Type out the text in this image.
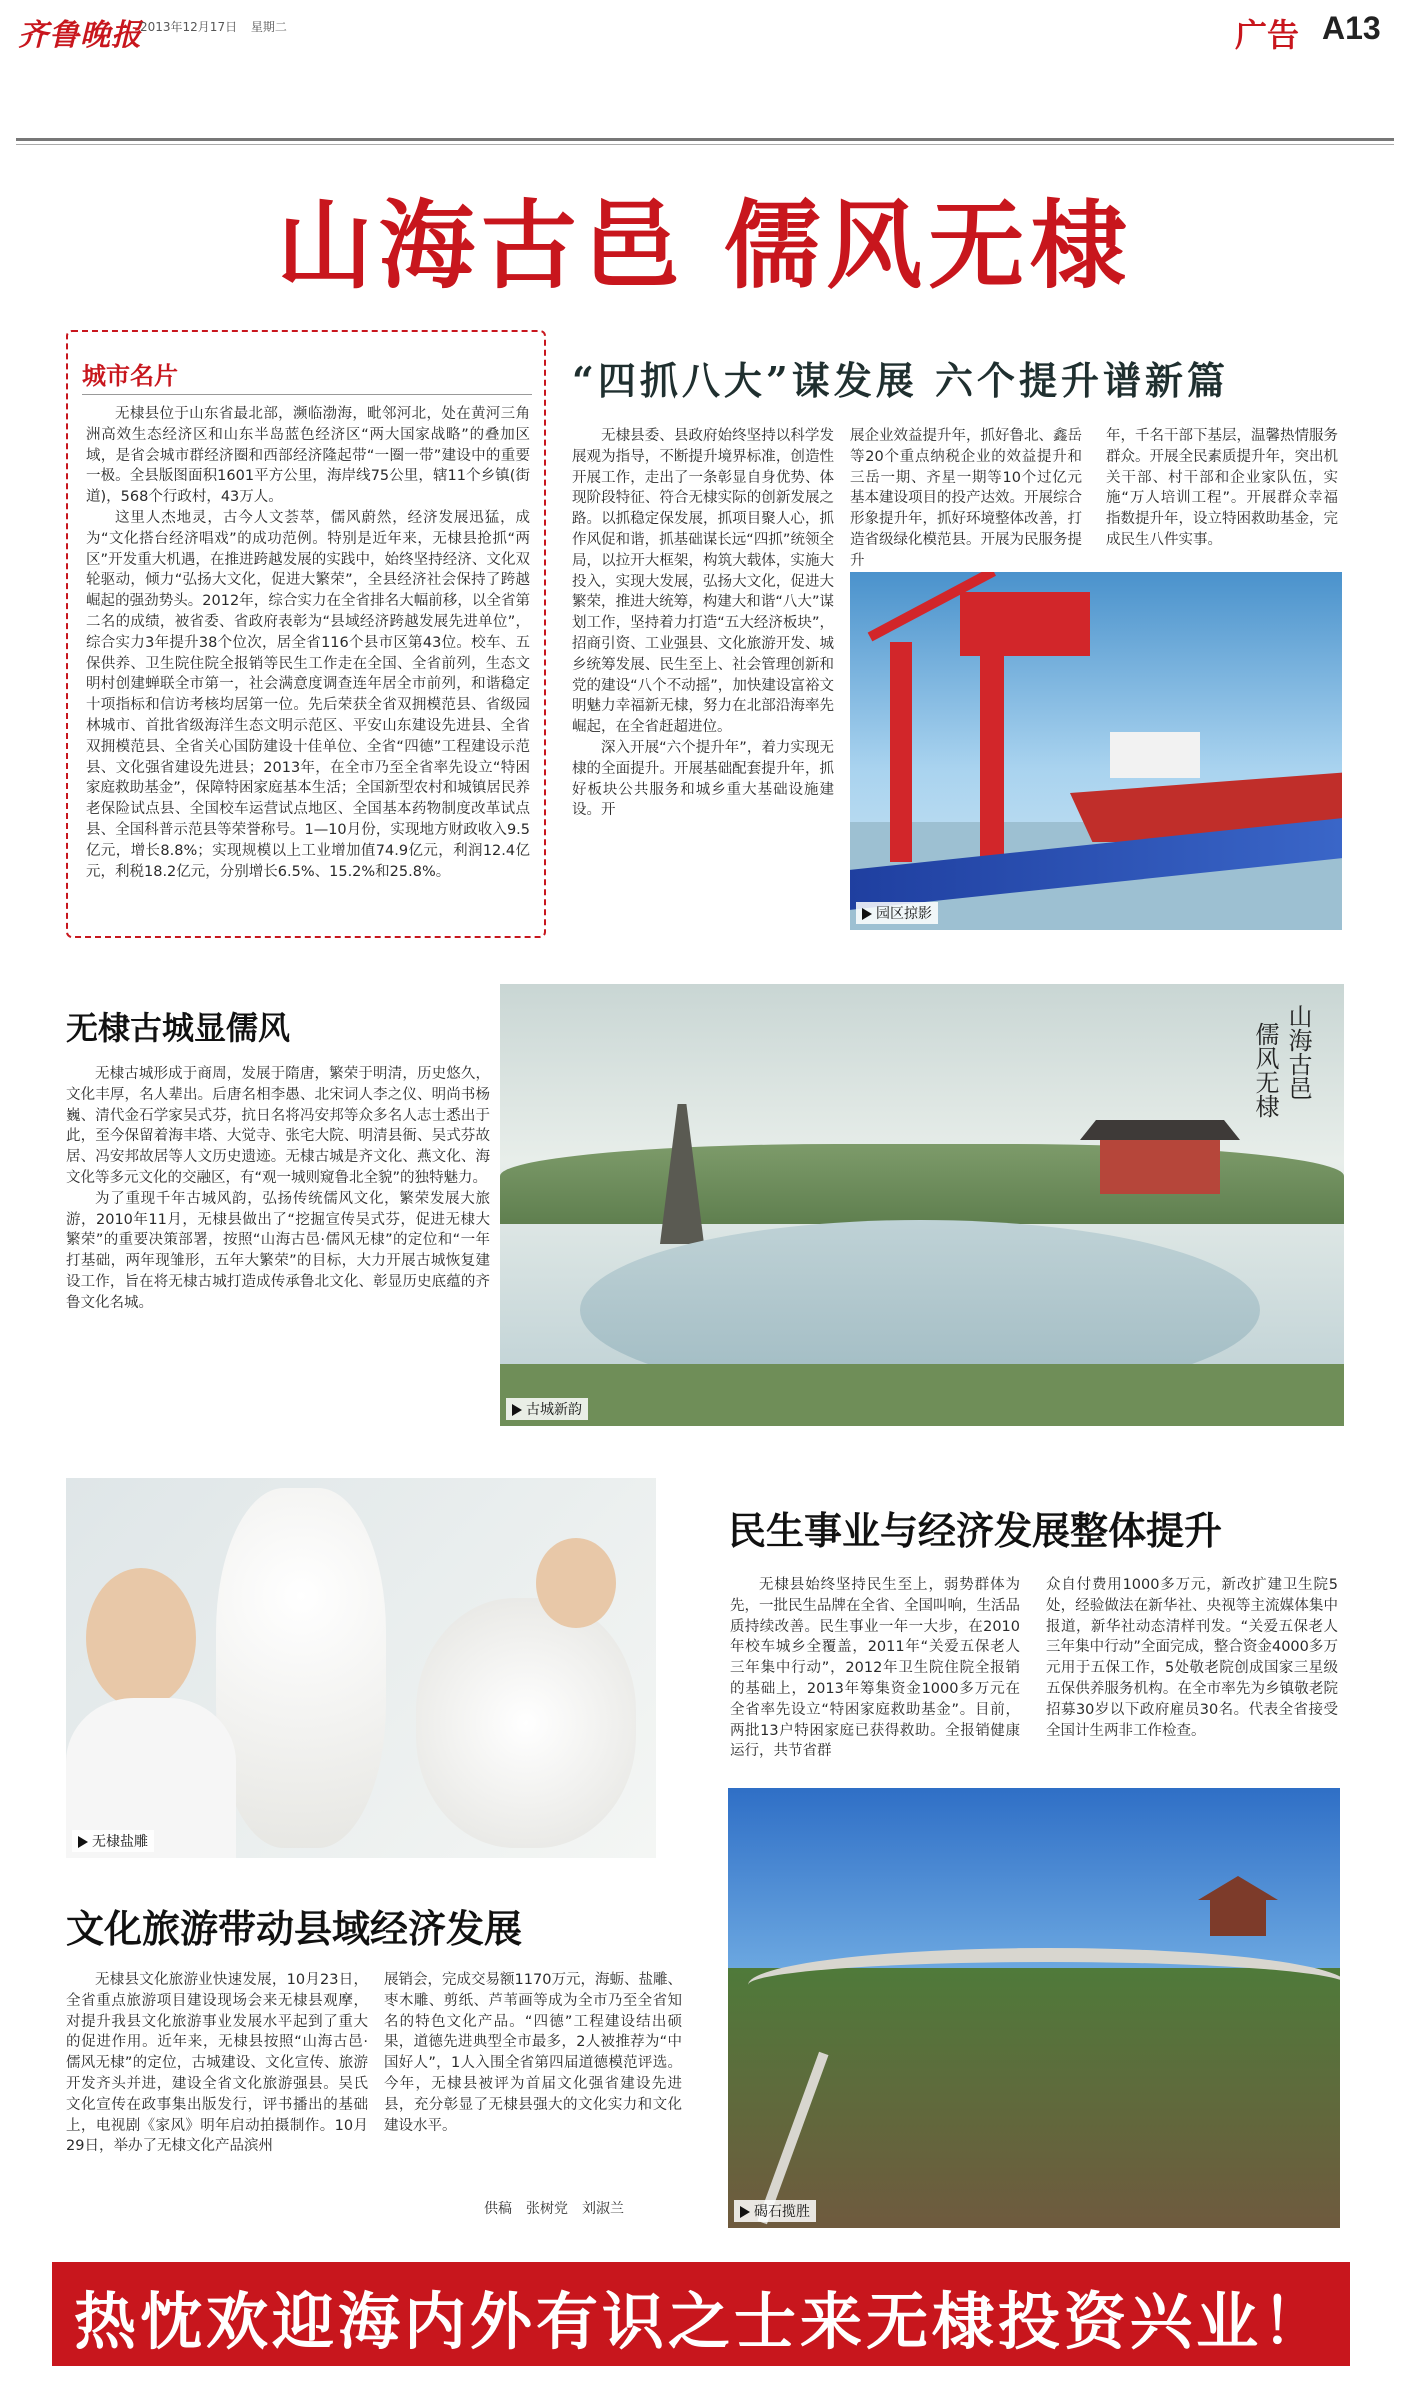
齐鲁晚报
2013年12月17日 星期二	广告 A13
山海古邑 儒风无棣
城市名片

无棣县位于山东省最北部，濒临渤海，毗邻河北，处在黄河三角洲高效生态经济区和山东半岛蓝色经济区“两大国家战略”的叠加区域，是省会城市群经济圈和西部经济隆起带“一圈一带”建设中的重要一极。全县版图面积1601平方公里，海岸线75公里，辖11个乡镇(街道)，568个行政村，43万人。

这里人杰地灵，古今人文荟萃，儒风蔚然，经济发展迅猛，成为“文化搭台经济唱戏”的成功范例。特别是近年来，无棣县抢抓“两区”开发重大机遇，在推进跨越发展的实践中，始终坚持经济、文化双轮驱动，倾力“弘扬大文化，促进大繁荣”，全县经济社会保持了跨越崛起的强劲势头。2012年，综合实力在全省排名大幅前移，以全省第二名的成绩，被省委、省政府表彰为“县域经济跨越发展先进单位”，综合实力3年提升38个位次，居全省116个县市区第43位。校车、五保供养、卫生院住院全报销等民生工作走在全国、全省前列，生态文明村创建蝉联全市第一，社会满意度调查连年居全市前列，和谐稳定十项指标和信访考核均居第一位。先后荣获全省双拥模范县、省级园林城市、首批省级海洋生态文明示范区、平安山东建设先进县、全省双拥模范县、全省关心国防建设十佳单位、全省“四德”工程建设示范县、文化强省建设先进县；2013年，在全市乃至全省率先设立“特困家庭救助基金”，保障特困家庭基本生活；全国新型农村和城镇居民养老保险试点县、全国校车运营试点地区、全国基本药物制度改革试点县、全国科普示范县等荣誉称号。1—10月份，实现地方财政收入9.5亿元，增长8.8%；实现规模以上工业增加值74.9亿元，利润12.4亿元，利税18.2亿元，分别增长6.5%、15.2%和25.8%。

“四抓八大”谋发展 六个提升谱新篇

无棣县委、县政府始终坚持以科学发展观为指导，不断提升境界标准，创造性开展工作，走出了一条彰显自身优势、体现阶段特征、符合无棣实际的创新发展之路。以抓稳定保发展，抓项目聚人心，抓作风促和谐，抓基础谋长远“四抓”统领全局，以拉开大框架，构筑大载体，实施大投入，实现大发展，弘扬大文化，促进大繁荣，推进大统筹，构建大和谐“八大”谋划工作，坚持着力打造“五大经济板块”，招商引资、工业强县、文化旅游开发、城乡统筹发展、民生至上、社会管理创新和党的建设“八个不动摇”，加快建设富裕文明魅力幸福新无棣，努力在北部沿海率先崛起，在全省赶超进位。

深入开展“六个提升年”，着力实现无棣的全面提升。开展基础配套提升年，抓好板块公共服务和城乡重大基础设施建设。开

展企业效益提升年，抓好鲁北、鑫岳等20个重点纳税企业的效益提升和三岳一期、齐星一期等10个过亿元基本建设项目的投产达效。开展综合形象提升年，抓好环境整体改善，打造省级绿化模范县。开展为民服务提升

年，千名干部下基层，温馨热情服务群众。开展全民素质提升年，突出机关干部、村干部和企业家队伍，实施“万人培训工程”。开展群众幸福指数提升年，设立特困救助基金，完成民生八件实事。

园区掠影
无棣古城显儒风

无棣古城形成于商周，发展于隋唐，繁荣于明清，历史悠久，文化丰厚，名人辈出。后唐名相李愚、北宋词人李之仪、明尚书杨巍、清代金石学家吴式芬，抗日名将冯安邦等众多名人志士悉出于此，至今保留着海丰塔、大觉寺、张宅大院、明清县衙、吴式芬故居、冯安邦故居等人文历史遗迹。无棣古城是齐文化、燕文化、海文化等多元文化的交融区，有“观一城则窥鲁北全貌”的独特魅力。

为了重现千年古城风韵，弘扬传统儒风文化，繁荣发展大旅游，2010年11月，无棣县做出了“挖掘宣传吴式芬，促进无棣大繁荣”的重要决策部署，按照“山海古邑·儒风无棣”的定位和“一年打基础，两年现雏形，五年大繁荣”的目标，大力开展古城恢复建设工作，旨在将无棣古城打造成传承鲁北文化、彰显历史底蕴的齐鲁文化名城。

山海古邑
儒风无棣
古城新韵
无棣盐雕
民生事业与经济发展整体提升

无棣县始终坚持民生至上，弱势群体为先，一批民生品牌在全省、全国叫响，生活品质持续改善。民生事业一年一大步，在2010年校车城乡全覆盖，2011年“关爱五保老人三年集中行动”，2012年卫生院住院全报销的基础上，2013年筹集资金1000多万元在全省率先设立“特困家庭救助基金”。目前，两批13户特困家庭已获得救助。全报销健康运行，共节省群

众自付费用1000多万元，新改扩建卫生院5处，经验做法在新华社、央视等主流媒体集中报道，新华社动态清样刊发。“关爱五保老人三年集中行动”全面完成，整合资金4000多万元用于五保工作，5处敬老院创成国家三星级五保供养服务机构。在全市率先为乡镇敬老院招募30岁以下政府雇员30名。代表全省接受全国计生两非工作检查。

碣石揽胜
文化旅游带动县域经济发展

无棣县文化旅游业快速发展，10月23日，全省重点旅游项目建设现场会来无棣县观摩，对提升我县文化旅游事业发展水平起到了重大的促进作用。近年来，无棣县按照“山海古邑·儒风无棣”的定位，古城建设、文化宣传、旅游开发齐头并进，建设全省文化旅游强县。吴氏文化宣传在政事集出版发行，评书播出的基础上，电视剧《家风》明年启动拍摄制作。10月29日，举办了无棣文化产品滨州

展销会，完成交易额1170万元，海蛎、盐雕、枣木雕、剪纸、芦苇画等成为全市乃至全省知名的特色文化产品。“四德”工程建设结出硕果，道德先进典型全市最多，2人被推荐为“中国好人”，1人入围全省第四届道德模范评选。今年，无棣县被评为首届文化强省建设先进县，充分彰显了无棣县强大的文化实力和文化建设水平。

供稿　张树党　刘淑兰
热忱欢迎海内外有识之士来无棣投资兴业！
